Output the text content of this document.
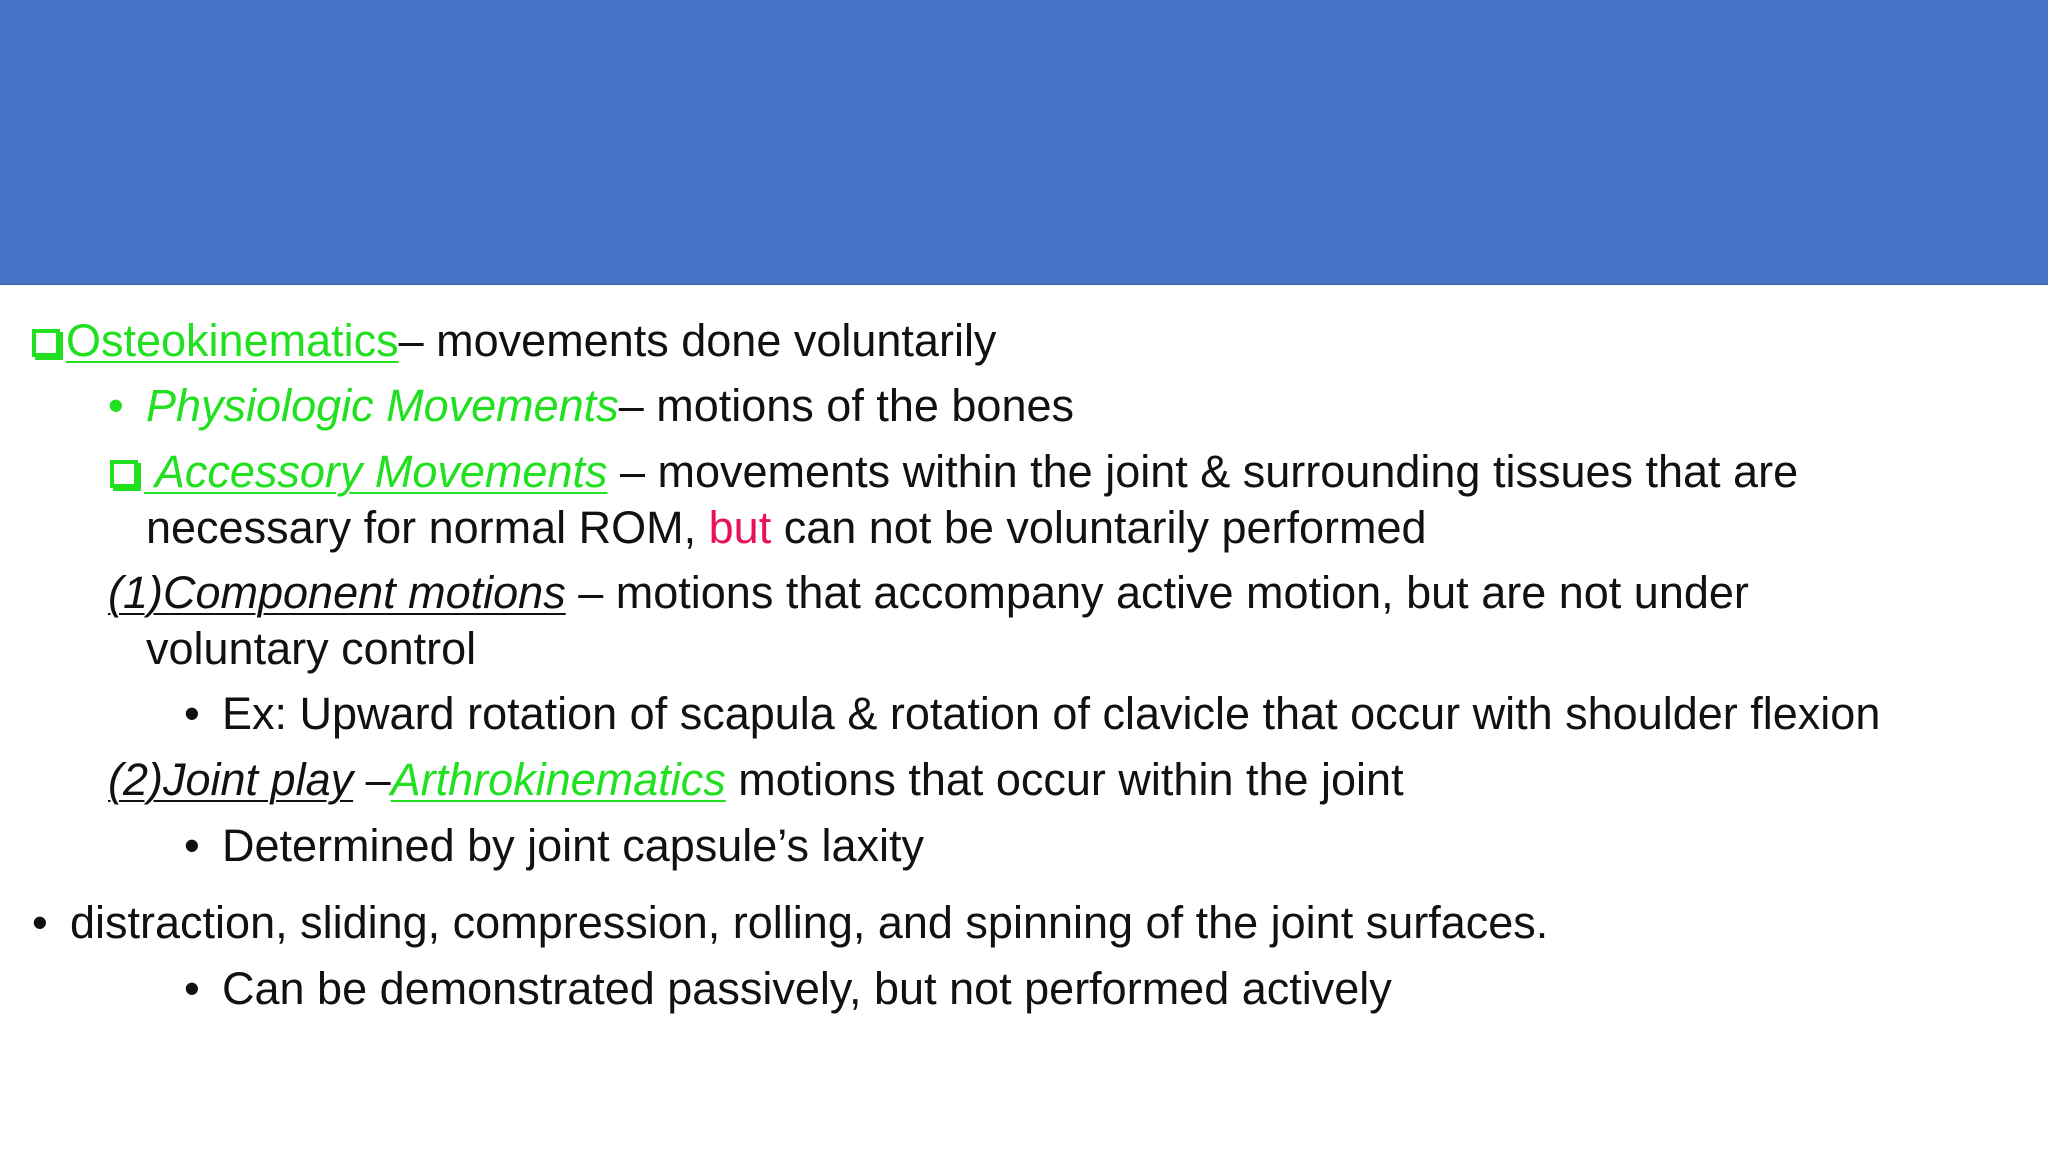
Osteokinematics– movements done voluntarily
• Physiologic Movements– motions of the bones
Accessory Movements – movements within the joint & surrounding tissues that are
necessary for normal ROM, but can not be voluntarily performed
(1)Component motions – motions that accompany active motion, but are not under
voluntary control
• Ex: Upward rotation of scapula & rotation of clavicle that occur with shoulder flexion
(2)Joint play –Arthrokinematics motions that occur within the joint
• Determined by joint capsule’s laxity
• distraction, sliding, compression, rolling, and spinning of the joint surfaces.
• Can be demonstrated passively, but not performed actively
